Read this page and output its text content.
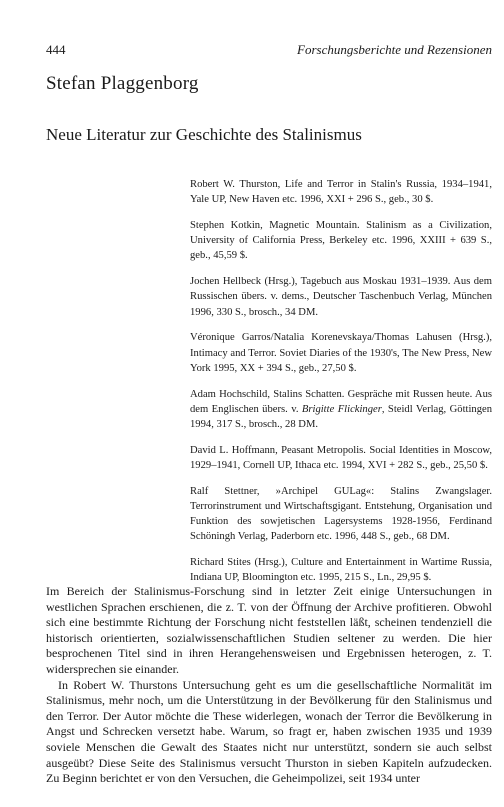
444	Forschungsberichte und Rezensionen
Stefan Plaggenborg
Neue Literatur zur Geschichte des Stalinismus

Robert W. Thurston, Life and Terror in Stalin's Russia, 1934–1941, Yale UP, New Haven etc. 1996, XXI + 296 S., geb., 30 $.

Stephen Kotkin, Magnetic Mountain. Stalinism as a Civilization, University of California Press, Berkeley etc. 1996, XXIII + 639 S., geb., 45,59 $.

Jochen Hellbeck (Hrsg.), Tagebuch aus Moskau 1931–1939. Aus dem Russischen übers. v. dems., Deutscher Taschenbuch Verlag, München 1996, 330 S., brosch., 34 DM.

Véronique Garros/Natalia Korenevskaya/Thomas Lahusen (Hrsg.), Intimacy and Terror. Soviet Diaries of the 1930's, The New Press, New York 1995, XX + 394 S., geb., 27,50 $.

Adam Hochschild, Stalins Schatten. Gespräche mit Russen heute. Aus dem Englischen übers. v. Brigitte Flickinger, Steidl Verlag, Göttingen 1994, 317 S., brosch., 28 DM.

David L. Hoffmann, Peasant Metropolis. Social Identities in Moscow, 1929–1941, Cornell UP, Ithaca etc. 1994, XVI + 282 S., geb., 25,50 $.

Ralf Stettner, »Archipel GULag«: Stalins Zwangslager. Terrorinstrument und Wirtschaftsgigant. Entstehung, Organisation und Funktion des sowjetischen Lagersystems 1928-1956, Ferdinand Schöningh Verlag, Paderborn etc. 1996, 448 S., geb., 68 DM.

Richard Stites (Hrsg.), Culture and Entertainment in Wartime Russia, Indiana UP, Bloomington etc. 1995, 215 S., Ln., 29,95 $.

Im Bereich der Stalinismus-Forschung sind in letzter Zeit einige Untersuchungen in westlichen Sprachen erschienen, die z. T. von der Öffnung der Archive profitieren. Obwohl sich eine bestimmte Richtung der Forschung nicht feststellen läßt, scheinen tendenziell die historisch orientierten, sozialwissenschaftlichen Studien seltener zu werden. Die hier besprochenen Titel sind in ihren Herangehensweisen und Ergebnissen heterogen, z. T. widersprechen sie einander.

In Robert W. Thurstons Untersuchung geht es um die gesellschaftliche Normalität im Stalinismus, mehr noch, um die Unterstützung in der Bevölkerung für den Stalinismus und den Terror. Der Autor möchte die These widerlegen, wonach der Terror die Bevölkerung in Angst und Schrecken versetzt habe. Warum, so fragt er, haben zwischen 1935 und 1939 soviele Menschen die Gewalt des Staates nicht nur unterstützt, sondern sie auch selbst ausgeübt? Diese Seite des Stalinismus versucht Thurston in sieben Kapiteln aufzudecken. Zu Beginn berichtet er von den Versuchen, die Geheimpolizei, seit 1934 unter
